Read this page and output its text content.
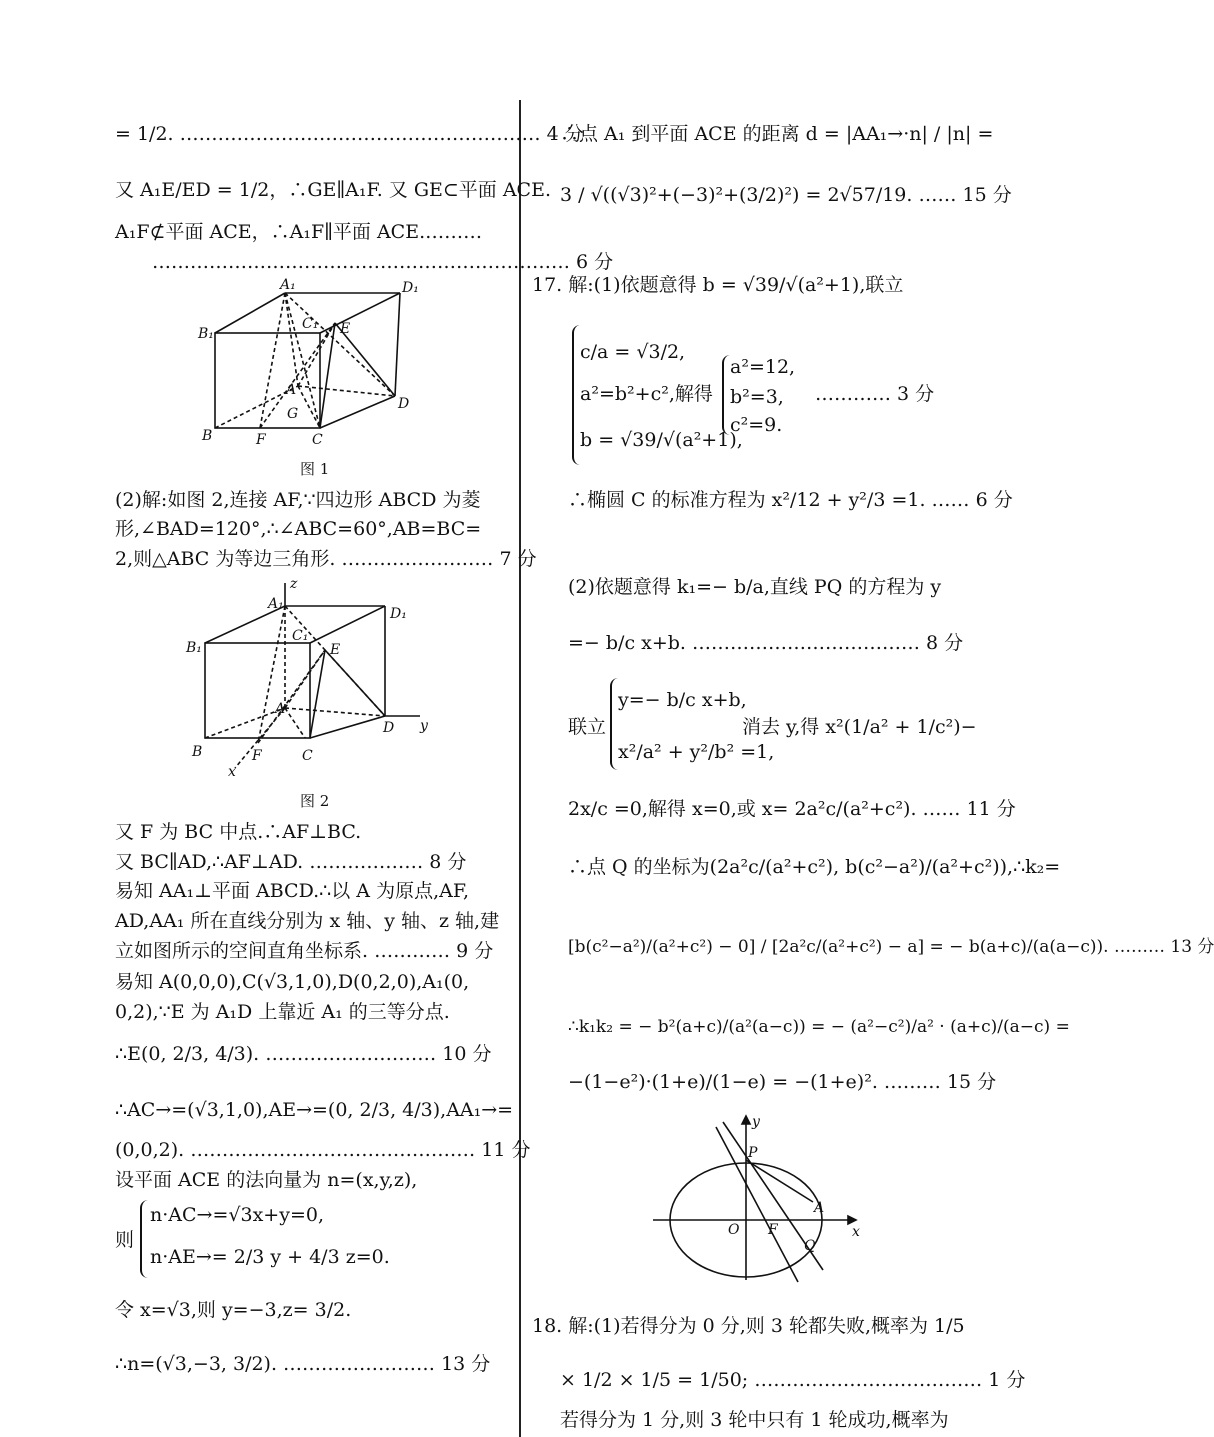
= 1/2. ………………………………………………… 4 分
又 A₁E/ED = 1/2，∴GE∥A₁F. 又 GE⊂平面 ACE.
A₁F⊄平面 ACE，∴A₁F∥平面 ACE.………
………………………………………………………… 6 分
A₁	D₁
B₁
C₁ E
A
G
D
B	F	C
图 1
(2)解:如图 2,连接 AF,∵四边形 ABCD 为菱
形,∠BAD=120°,∴∠ABC=60°,AB=BC=
2,则△ABC 为等边三角形. …………………… 7 分
z
A₁
D₁
B₁
C₁
E
A
D y
B	F	C
x
图 2
又 F 为 BC 中点.∴AF⊥BC.
又 BC∥AD,∴AF⊥AD. ……………… 8 分
易知 AA₁⊥平面 ABCD.∴以 A 为原点,AF,
AD,AA₁ 所在直线分别为 x 轴、y 轴、z 轴,建
立如图所示的空间直角坐标系. ………… 9 分
易知 A(0,0,0),C(√3,1,0),D(0,2,0),A₁(0,
0,2),∵E 为 A₁D 上靠近 A₁ 的三等分点.
∴E(0, 2/3, 4/3). ……………………… 10 分
∴AC→=(√3,1,0),AE→=(0, 2/3, 4/3),AA₁→=
(0,0,2). ……………………………………… 11 分
设平面 ACE 的法向量为 n=(x,y,z),
则
n·AC→=√3x+y=0,
n·AE→= 2/3 y + 4/3 z=0.
令 x=√3,则 y=−3,z= 3/2.
∴n=(√3,−3, 3/2). …………………… 13 分
∴点 A₁ 到平面 ACE 的距离 d = |AA₁→·n| / |n| =
3 / √((√3)²+(−3)²+(3/2)²) = 2√57/19. …… 15 分
17. 解:(1)依题意得 b = √39/√(a²+1),联立
c/a = √3/2,
a²=b²+c²,解得
b = √39/√(a²+1),
a²=12,
b²=3,
c²=9.
………… 3 分
∴椭圆 C 的标准方程为 x²/12 + y²/3 =1. …… 6 分
(2)依题意得 k₁=− b/a,直线 PQ 的方程为 y
=− b/c x+b. ……………………………… 8 分
联立
y=− b/c x+b,
x²/a² + y²/b² =1,
消去 y,得 x²(1/a² + 1/c²)−
2x/c =0,解得 x=0,或 x= 2a²c/(a²+c²). …… 11 分
∴点 Q 的坐标为(2a²c/(a²+c²), b(c²−a²)/(a²+c²)),∴k₂=
[b(c²−a²)/(a²+c²) − 0] / [2a²c/(a²+c²) − a] = − b(a+c)/(a(a−c)). ……… 13 分
∴k₁k₂ = − b²(a+c)/(a²(a−c)) = − (a²−c²)/a² · (a+c)/(a−c) =
−(1−e²)·(1+e)/(1−e) = −(1+e)². ……… 15 分
y
P
A
O F	x
Q
18. 解:(1)若得分为 0 分,则 3 轮都失败,概率为 1/5
× 1/2 × 1/5 = 1/50; ……………………………… 1 分
若得分为 1 分,则 3 轮中只有 1 轮成功,概率为
